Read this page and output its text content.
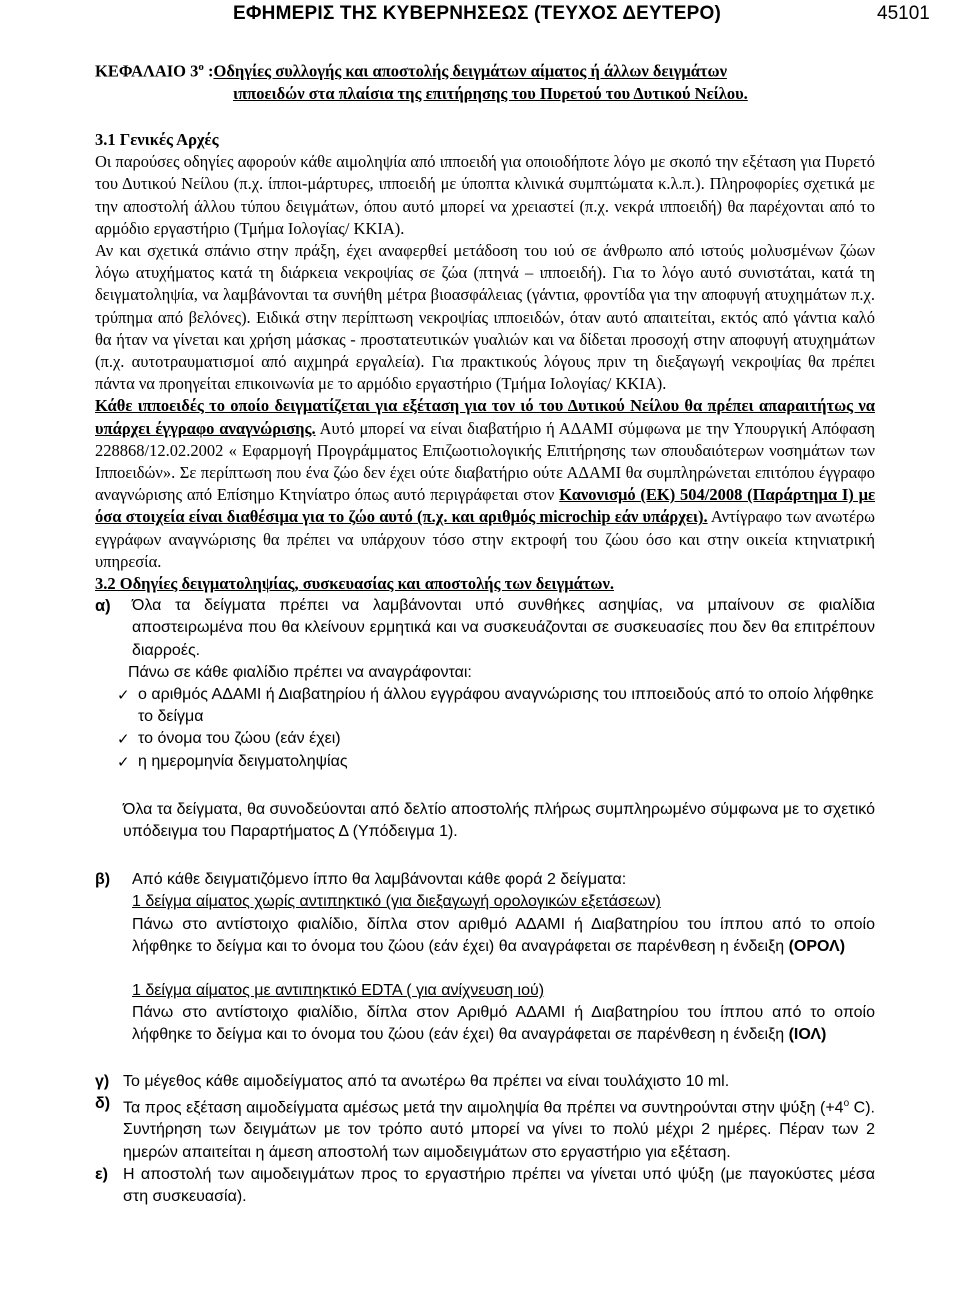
ΕΦΗΜΕΡΙΣ ΤΗΣ ΚΥΒΕΡΝΗΣΕΩΣ (ΤΕΥΧΟΣ ΔΕΥΤΕΡΟ)	45101
ΚΕΦΑΛΑΙΟ $3^o$ :Οδηγίες συλλογής και αποστολής δειγμάτων αίματος ή άλλων δειγμάτων
ιπποειδών στα πλαίσια της επιτήρησης του Πυρετού του Δυτικού Νείλου.

3.1 Γενικές Αρχές

Οι παρούσες οδηγίες αφορούν κάθε αιμοληψία από ιπποειδή για οποιοδήποτε λόγο με σκοπό την εξέταση για Πυρετό του Δυτικού Νείλου (π.χ. ίπποι-μάρτυρες, ιπποειδή με ύποπτα κλινικά συμπτώματα κ.λ.π.). Πληροφορίες σχετικά με την αποστολή άλλου τύπου δειγμάτων, όπου αυτό μπορεί να χρειαστεί (π.χ. νεκρά ιπποειδή) θα παρέχονται από το αρμόδιο εργαστήριο (Τμήμα Ιολογίας/ ΚΚΙΑ).

Αν και σχετικά σπάνιο στην πράξη, έχει αναφερθεί μετάδοση του ιού σε άνθρωπο από ιστούς μολυσμένων ζώων λόγω ατυχήματος κατά τη διάρκεια νεκροψίας σε ζώα (πτηνά – ιπποειδή). Για το λόγο αυτό συνιστάται, κατά τη δειγματοληψία, να λαμβάνονται τα συνήθη μέτρα βιοασφάλειας (γάντια, φροντίδα για την αποφυγή ατυχημάτων π.χ. τρύπημα από βελόνες). Ειδικά στην περίπτωση νεκροψίας ιπποειδών, όταν αυτό απαιτείται, εκτός από γάντια καλό θα ήταν να γίνεται και χρήση μάσκας - προστατευτικών γυαλιών και να δίδεται προσοχή στην αποφυγή ατυχημάτων (π.χ. αυτοτραυματισμοί από αιχμηρά εργαλεία). Για πρακτικούς λόγους πριν τη διεξαγωγή νεκροψίας θα πρέπει πάντα να προηγείται επικοινωνία με το αρμόδιο εργαστήριο (Τμήμα Ιολογίας/ ΚΚΙΑ).

Κάθε ιπποειδές το οποίο δειγματίζεται για εξέταση για τον ιό του Δυτικού Νείλου θα πρέπει απαραιτήτως να υπάρχει έγγραφο αναγνώρισης. Αυτό μπορεί να είναι διαβατήριο ή ΑΔΑΜΙ σύμφωνα με την Υπουργική Απόφαση 228868/12.02.2002 « Εφαρμογή Προγράμματος Επιζωοτιολογικής Επιτήρησης των σπουδαιότερων νοσημάτων των Ιπποειδών». Σε περίπτωση που ένα ζώο δεν έχει ούτε διαβατήριο ούτε ΑΔΑΜΙ θα συμπληρώνεται επιτόπου έγγραφο αναγνώρισης από Επίσημο Κτηνίατρο όπως αυτό περιγράφεται στον Κανονισμό (ΕΚ) 504/2008 (Παράρτημα Ι) με όσα στοιχεία είναι διαθέσιμα για το ζώο αυτό (π.χ. και αριθμός microchip εάν υπάρχει). Αντίγραφο των ανωτέρω εγγράφων αναγνώρισης θα πρέπει να υπάρχουν τόσο στην εκτροφή του ζώου όσο και στην οικεία κτηνιατρική υπηρεσία.

3.2 Οδηγίες δειγματοληψίας, συσκευασίας και αποστολής των δειγμάτων.

α) Όλα τα δείγματα πρέπει να λαμβάνονται υπό συνθήκες ασηψίας, να μπαίνουν σε φιαλίδια αποστειρωμένα που θα κλείνουν ερμητικά και να συσκευάζονται σε συσκευασίες που δεν θα επιτρέπουν διαρροές.

Πάνω σε κάθε φιαλίδιο πρέπει να αναγράφονται:

✓ ο αριθμός ΑΔΑΜΙ ή Διαβατηρίου ή άλλου εγγράφου αναγνώρισης του ιπποειδούς από το οποίο λήφθηκε το δείγμα
✓ το όνομα του ζώου (εάν έχει)
✓ η ημερομηνία δειγματοληψίας

Όλα τα δείγματα, θα συνοδεύονται από δελτίο αποστολής πλήρως συμπληρωμένο σύμφωνα με το σχετικό υπόδειγμα του Παραρτήματος Δ (Υπόδειγμα 1).

β) Από κάθε δειγματιζόμενο ίππο θα λαμβάνονται κάθε φορά 2 δείγματα:

1 δείγμα αίματος χωρίς αντιπηκτικό (για διεξαγωγή ορολογικών εξετάσεων)

Πάνω στο αντίστοιχο φιαλίδιο, δίπλα στον αριθμό ΑΔΑΜΙ ή Διαβατηρίου του ίππου από το οποίο λήφθηκε το δείγμα και το όνομα του ζώου (εάν έχει) θα αναγράφεται σε παρένθεση η ένδειξη (ΟΡΟΛ)

1 δείγμα αίματος με αντιπηκτικό EDTA ( για ανίχνευση ιού)

Πάνω στο αντίστοιχο φιαλίδιο, δίπλα στον Αριθμό ΑΔΑΜΙ ή Διαβατηρίου του ίππου από το οποίο λήφθηκε το δείγμα και το όνομα του ζώου (εάν έχει) θα αναγράφεται σε παρένθεση η ένδειξη (ΙΟΛ)

γ) Το μέγεθος κάθε αιμοδείγματος από τα ανωτέρω θα πρέπει να είναι τουλάχιστο 10 ml.

δ) Τα προς εξέταση αιμοδείγματα αμέσως μετά την αιμοληψία θα πρέπει να συντηρούνται στην ψύξη ($+4^o$ C). Συντήρηση των δειγμάτων με τον τρόπο αυτό μπορεί να γίνει το πολύ μέχρι 2 ημέρες. Πέραν των 2 ημερών απαιτείται η άμεση αποστολή των αιμοδειγμάτων στο εργαστήριο για εξέταση.

ε) Η αποστολή των αιμοδειγμάτων προς το εργαστήριο πρέπει να γίνεται υπό ψύξη (με παγοκύστες μέσα στη συσκευασία).
